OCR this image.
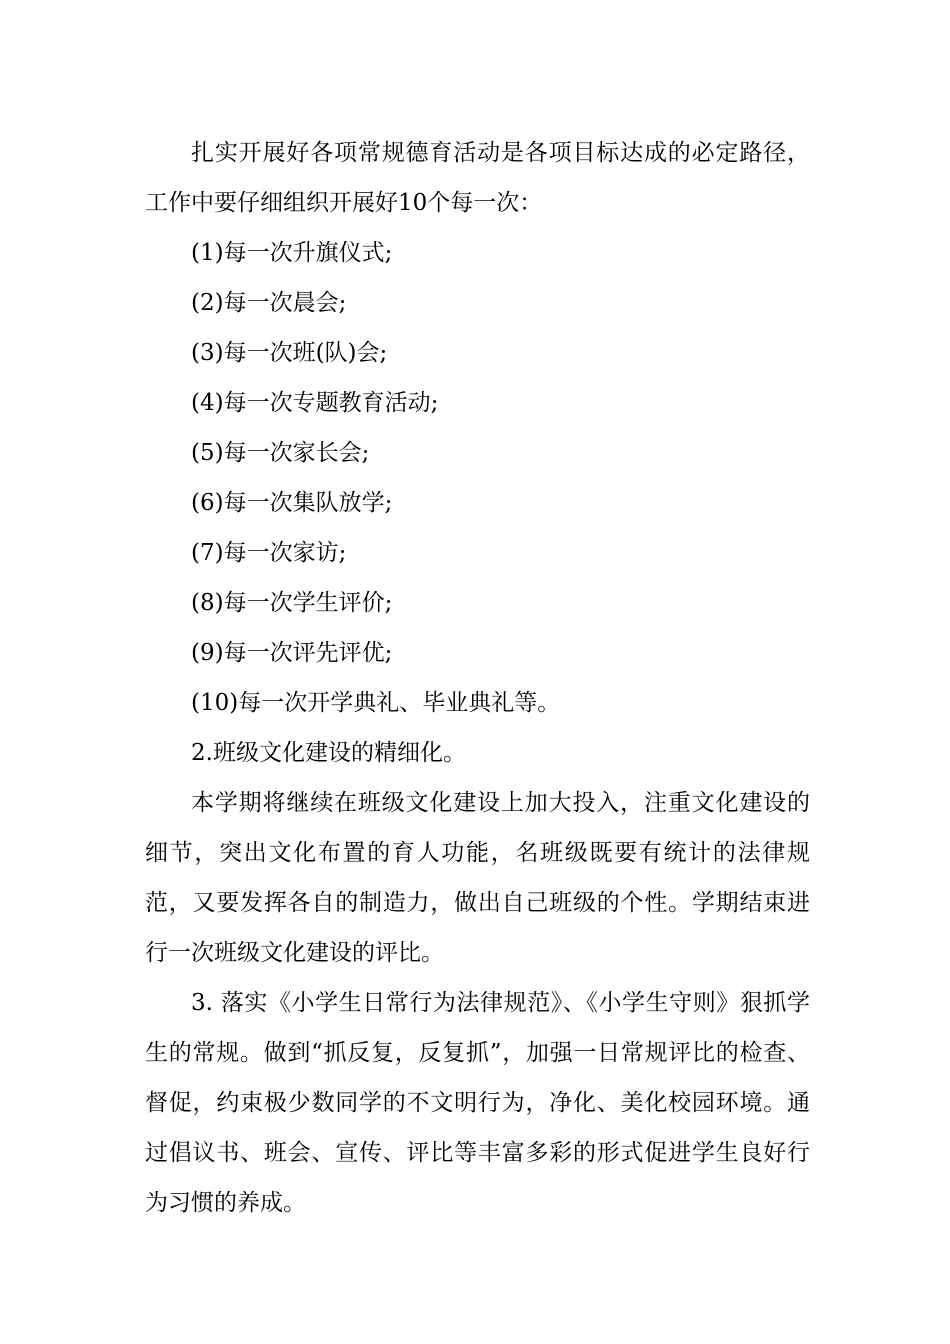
扎实开展好各项常规德育活动是各项目标达成的必定路径，工作中要仔细组织开展好10个每一次：

(1)每一次升旗仪式;

(2)每一次晨会;

(3)每一次班(队)会;

(4)每一次专题教育活动;

(5)每一次家长会;

(6)每一次集队放学;

(7)每一次家访;

(8)每一次学生评价;

(9)每一次评先评优;

(10)每一次开学典礼、毕业典礼等。

2.班级文化建设的精细化。

本学期将继续在班级文化建设上加大投入，注重文化建设的细节，突出文化布置的育人功能，名班级既要有统计的法律规范，又要发挥各自的制造力，做出自己班级的个性。学期结束进行一次班级文化建设的评比。

3. 落实《小学生日常行为法律规范》、《小学生守则》狠抓学生的常规。做到“抓反复，反复抓”，加强一日常规评比的检查、督促，约束极少数同学的不文明行为，净化、美化校园环境。通过倡议书、班会、宣传、评比等丰富多彩的形式促进学生良好行为习惯的养成。
